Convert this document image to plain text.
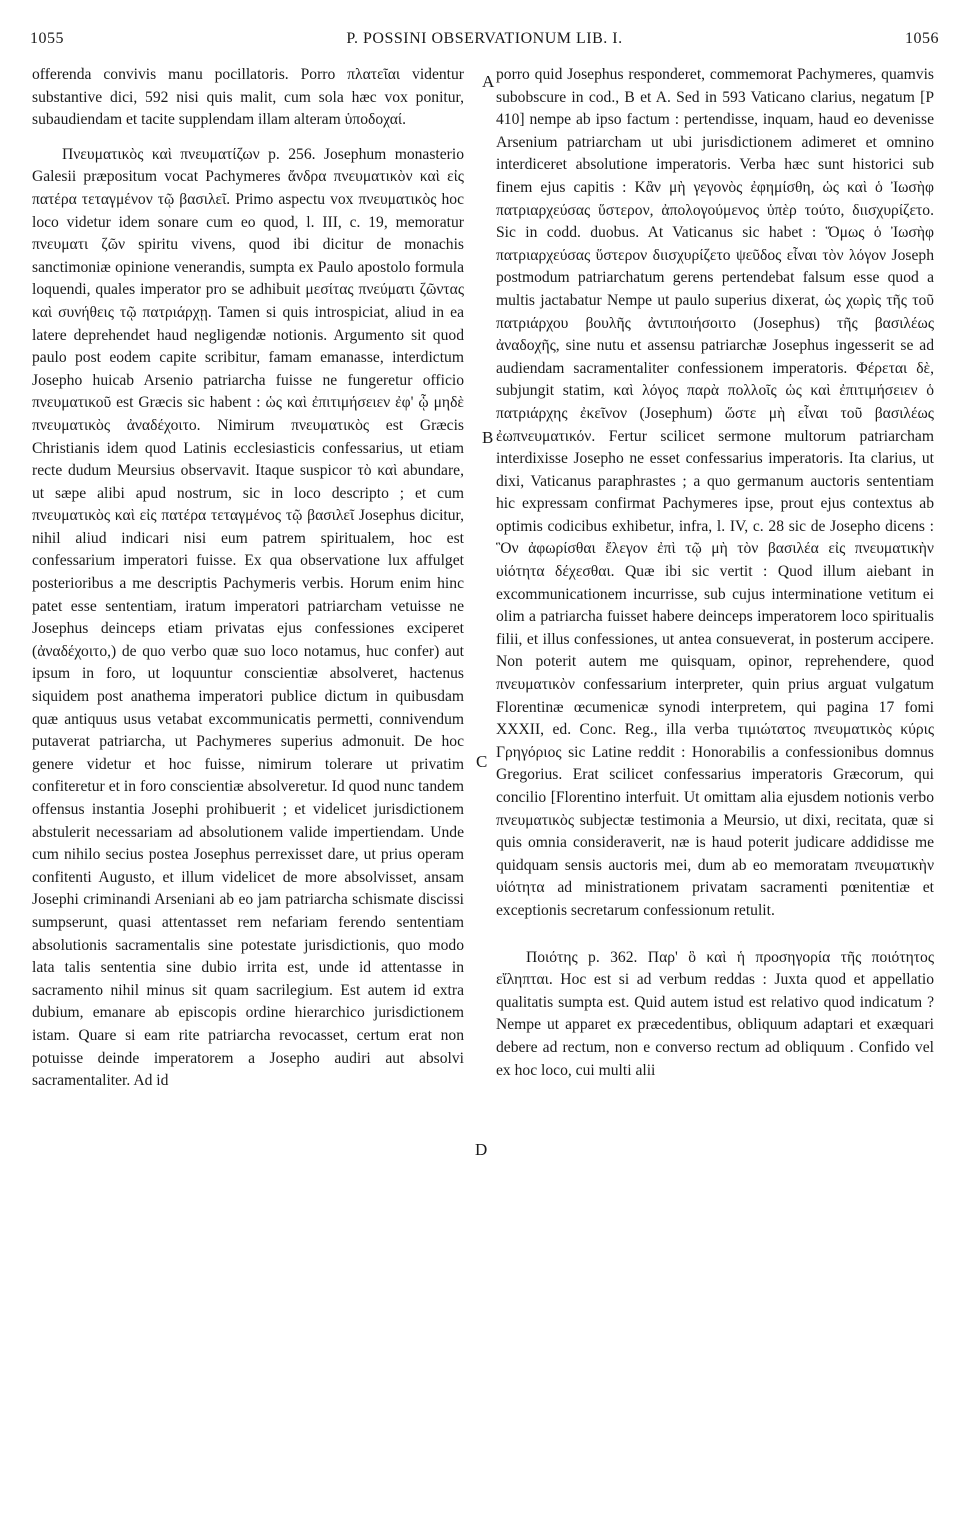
1055	P. POSSINI OBSERVATIONUM LIB. I.	1056

offerenda convivis manu pocillatoris. Porro πλατεῖαι videntur substantive dici, 592 nisi quis malit, cum sola hæc vox ponitur, subaudiendam et tacite supplendam illam alteram ὑποδοχαί.

Πνευματικὸς καὶ πνευματίζων p. 256. Josephum monasterio Galesii præpositum vocat Pachymeres ἄνδρα πνευματικὸν καὶ εἰς πατέρα τεταγμένον τῷ βασιλεῖ. Primo aspectu vox πνευματικὸς hoc loco videtur idem sonare cum eo quod, l. III, c. 19, memoratur πνευματι ζῶν spiritu vivens, quod ibi dicitur de monachis sanctimoniæ opinione venerandis, sumpta ex Paulo apostolo formula loquendi, quales imperator pro se adhibuit μεσίτας πνεύματι ζῶντας καὶ συνήθεις τῷ πατριάρχῃ. Tamen si quis introspiciat, aliud in ea latere deprehendet haud negligendæ notionis. Argumento sit quod paulo post eodem capite scribitur, famam emanasse, interdictum Josepho huicab Arsenio patriarcha fuisse ne fungeretur officio πνευματικοῦ est Græcis sic habent : ὡς καὶ ἐπιτιμήσειεν ἐφ' ᾧ μηδὲ πνευματικὸς ἀναδέχοιτο. Nimirum πνευματικὸς est Græcis Christianis idem quod Latinis ecclesiasticis confessarius, ut etiam recte dudum Meursius observavit. Itaque suspicor τὸ καὶ abundare, ut sæpe alibi apud nostrum, sic in loco descripto ; et cum πνευματικὸς καὶ εἰς πατέρα τεταγμένος τῷ βασιλεῖ Josephus dicitur, nihil aliud indicari nisi eum patrem spiritualem, hoc est confessarium imperatori fuisse. Ex qua observatione lux affulget posterioribus a me descriptis Pachymeris verbis. Horum enim hinc patet esse sententiam, iratum imperatori patriarcham vetuisse ne Josephus deinceps etiam privatas ejus confessiones exciperet (ἀναδέχοιτο,) de quo verbo quæ suo loco notamus, huc confer) aut ipsum in foro, ut loquuntur conscientiæ absolveret, hactenus siquidem post anathema imperatori publice dictum in quibusdam quæ antiquus usus vetabat excommunicatis permetti, connivendum putaverat patriarcha, ut Pachymeres superius admonuit. De hoc genere videtur et hoc fuisse, nimirum tolerare ut privatim confiteretur et in foro conscientiæ absolveretur. Id quod nunc tandem offensus instantia Josephi prohibuerit ; et videlicet jurisdictionem abstulerit necessariam ad absolutionem valide impertiendam. Unde cum nihilo secius postea Josephus perrexisset dare, ut prius operam confitenti Augusto, et illum videlicet de more absolvisset, ansam Josephi criminandi Arseniani ab eo jam patriarcha schismate discissi sumpserunt, quasi attentasset rem nefariam ferendo sententiam absolutionis sacramentalis sine potestate jurisdictionis, quo modo lata talis sententia sine dubio irrita est, unde id attentasse in sacramento nihil minus sit quam sacrilegium. Est autem id extra dubium, emanare ab episcopis ordine hierarchico jurisdictionem istam. Quare si eam rite patriarcha revocasset, certum erat non potuisse deinde imperatorem a Josepho audiri aut absolvi sacramentaliter. Ad id

A
B
C
D

porro quid Josephus responderet, commemorat Pachymeres, quamvis subobscure in cod., B et A. Sed in 593 Vaticano clarius, negatum [P 410] nempe ab ipso factum : pertendisse, inquam, haud eo devenisse Arsenium patriarcham ut ubi jurisdictionem adimeret et omnino interdiceret absolutione imperatoris. Verba hæc sunt historici sub finem ejus capitis : Κἂν μὴ γεγονὸς ἐφημίσθη, ὡς καὶ ὁ Ἰωσὴφ πατριαρχεύσας ὕστερον, ἀπολογούμενος ὑπὲρ τούτο, διισχυρίζετο. Sic in codd. duobus. At Vaticanus sic habet : Ὅμως ὁ Ἰωσὴφ πατριαρχεύσας ὕστερον διισχυρίζετο ψεῦδος εἶναι τὸν λόγον Joseph postmodum patriarchatum gerens pertendebat falsum esse quod a multis jactabatur Nempe ut paulo superius dixerat, ὡς χωρὶς τῆς τοῦ πατριάρχου βουλῆς ἀντιποιήσοιτο (Josephus) τῆς βασιλέως ἀναδοχῆς, sine nutu et assensu patriarchæ Josephus ingesserit se ad audiendam sacramentaliter confessionem imperatoris. Φέρεται δὲ, subjungit statim, καὶ λόγος παρὰ πολλοῖς ὡς καὶ ἐπιτιμήσειεν ὁ πατριάρχης ἐκεῖνον (Josephum) ὥστε μὴ εἶναι τοῦ βασιλέως ἐωπνευματικόν. Fertur scilicet sermone multorum patriarcham interdixisse Josepho ne esset confessarius imperatoris. Ita clarius, ut dixi, Vaticanus paraphrastes ; a quo germanum auctoris sententiam hic expressam confirmat Pachymeres ipse, prout ejus contextus ab optimis codicibus exhibetur, infra, l. IV, c. 28 sic de Josepho dicens : Ὃν ἀφωρίσθαι ἔλεγον ἐπὶ τῷ μὴ τὸν βασιλέα εἰς πνευματικὴν υἱότητα δέχεσθαι. Quæ ibi sic vertit : Quod illum aiebant in excommunicationem incurrisse, sub cujus interminatione vetitum ei olim a patriarcha fuisset habere deinceps imperatorem loco spiritualis filii, et illus confessiones, ut antea consueverat, in posterum accipere. Non poterit autem me quisquam, opinor, reprehendere, quod πνευματικὸν confessarium interpreter, quin prius arguat vulgatum Florentinæ œcumenicæ synodi interpretem, qui pagina 17 fomi XXXII, ed. Conc. Reg., illa verba τιμιώτατος πνευματικὸς κύρις Γρηγόριος sic Latine reddit : Honorabilis a confessionibus domnus Gregorius. Erat scilicet confessarius imperatoris Græcorum, qui concilio [Florentino interfuit. Ut omittam alia ejusdem notionis verbo πνευματικὸς subjectæ testimonia a Meursio, ut dixi, recitata, quæ si quis omnia consideraverit, næ is haud poterit judicare addidisse me quidquam sensis auctoris mei, dum ab eo memoratam πνευματικὴν υἱότητα ad ministrationem privatam sacramenti pœnitentiæ et exceptionis secretarum confessionum retulit.

Ποιότης p. 362. Παρ' ὃ καὶ ἡ προσηγορία τῆς ποιότητος εἴληπται. Hoc est si ad verbum reddas : Juxta quod et appellatio qualitatis sumpta est. Quid autem istud est relativo quod indicatum ? Nempe ut apparet ex præcedentibus, obliquum adaptari et exæquari debere ad rectum, non e converso rectum ad obliquum . Confido vel ex hoc loco, cui multi alii
